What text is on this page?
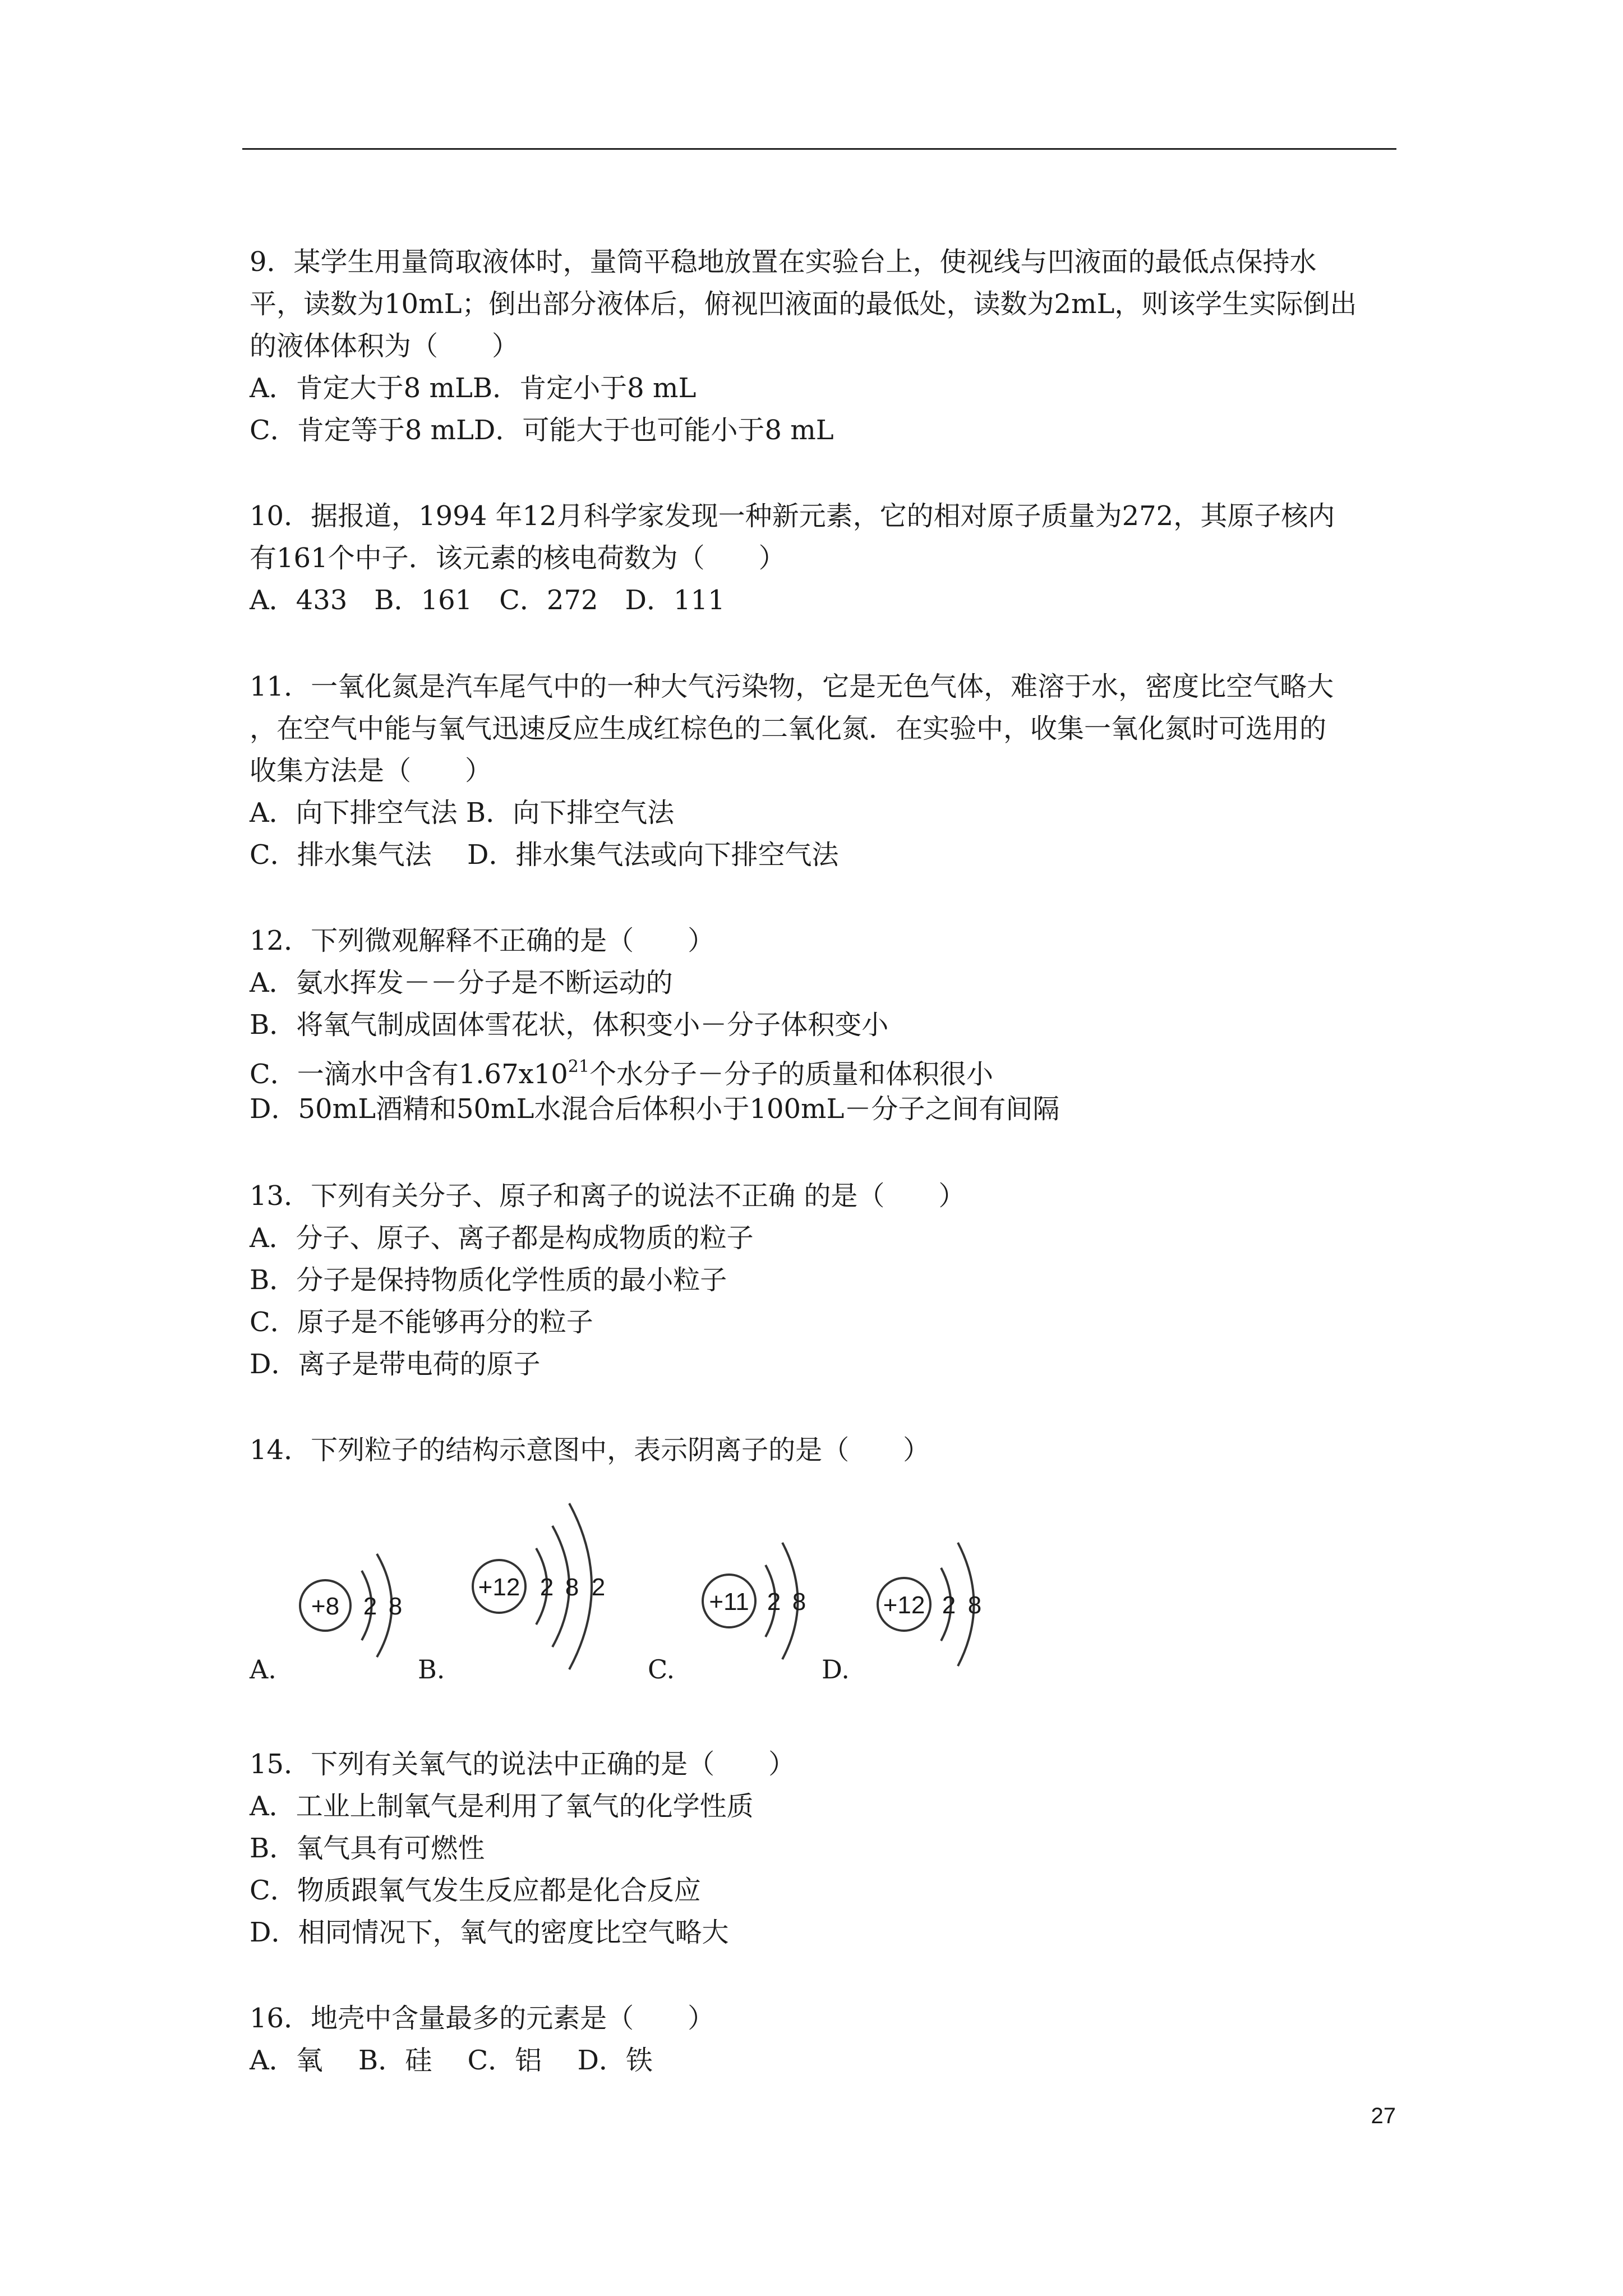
9．某学生用量筒取液体时，量筒平稳地放置在实验台上，使视线与凹液面的最低点保持水
平，读数为10mL；倒出部分液体后，俯视凹液面的最低处，读数为2mL，则该学生实际倒出
的液体体积为（　　）
A．肯定大于8 mLB．肯定小于8 mL
C．肯定等于8 mLD．可能大于也可能小于8 mL
10．据报道，1994 年12月科学家发现一种新元素，它的相对原子质量为272，其原子核内
有161个中子．该元素的核电荷数为（　　）
A．433　B．161　C．272　D．111
11．一氧化氮是汽车尾气中的一种大气污染物，它是无色气体，难溶于水，密度比空气略大
，在空气中能与氧气迅速反应生成红棕色的二氧化氮．在实验中，收集一氧化氮时可选用的
收集方法是（　　）
A．向下排空气法 B．向下排空气法
C．排水集气法　 D．排水集气法或向下排空气法
12．下列微观解释不正确的是（　　）
A．氨水挥发－－分子是不断运动的
B．将氧气制成固体雪花状，体积变小－分子体积变小
C．一滴水中含有$1.67x10^{21}$个水分子－分子的质量和体积很小
D．50mL酒精和50mL水混合后体积小于100mL－分子之间有间隔
13．下列有关分子、原子和离子的说法不正确 的是（　　）
A．分子、原子、离子都是构成物质的粒子
B．分子是保持物质化学性质的最小粒子
C．原子是不能够再分的粒子
D．离子是带电荷的原子
14．下列粒子的结构示意图中，表示阴离子的是（　　）
+8 2 8
A.
+12 2 8 2
B.
+11 2 8
C.
+12 2 8
D.
15．下列有关氧气的说法中正确的是（　　）
A．工业上制氧气是利用了氧气的化学性质
B．氧气具有可燃性
C．物质跟氧气发生反应都是化合反应
D．相同情况下，氧气的密度比空气略大
16．地壳中含量最多的元素是（　　）
A．氧　 B．硅　 C．铝　 D．铁
27
